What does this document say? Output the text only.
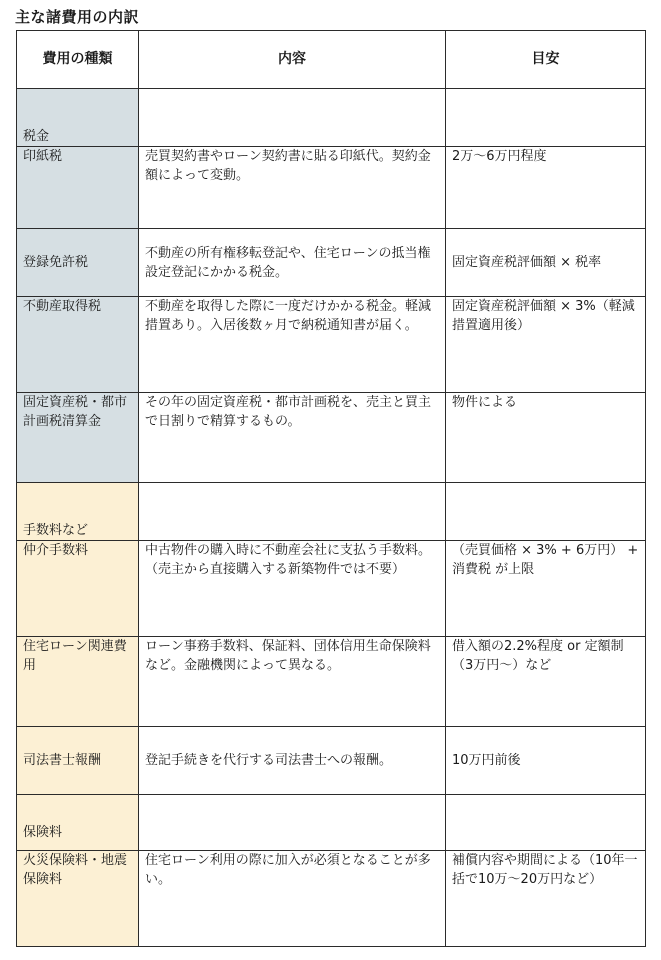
主な諸費用の内訳
費用の種類	内容	目安
税金		
印紙税	売買契約書やローン契約書に貼る印紙代。契約金額によって変動。	2万〜6万円程度
登録免許税	不動産の所有権移転登記や、住宅ローンの抵当権設定登記にかかる税金。	固定資産税評価額 × 税率
不動産取得税	不動産を取得した際に一度だけかかる税金。軽減措置あり。入居後数ヶ月で納税通知書が届く。	固定資産税評価額 × 3%（軽減措置適用後）
固定資産税・都市計画税清算金	その年の固定資産税・都市計画税を、売主と買主で日割りで精算するもの。	物件による
手数料など		
仲介手数料	中古物件の購入時に不動産会社に支払う手数料。（売主から直接購入する新築物件では不要）	（売買価格 × 3% + 6万円） + 消費税 が上限
住宅ローン関連費用	ローン事務手数料、保証料、団体信用生命保険料など。金融機関によって異なる。	借入額の2.2%程度 or 定額制（3万円〜）など
司法書士報酬	登記手続きを代行する司法書士への報酬。	10万円前後
保険料		
火災保険料・地震保険料	住宅ローン利用の際に加入が必須となることが多い。	補償内容や期間による（10年一括で10万〜20万円など）
